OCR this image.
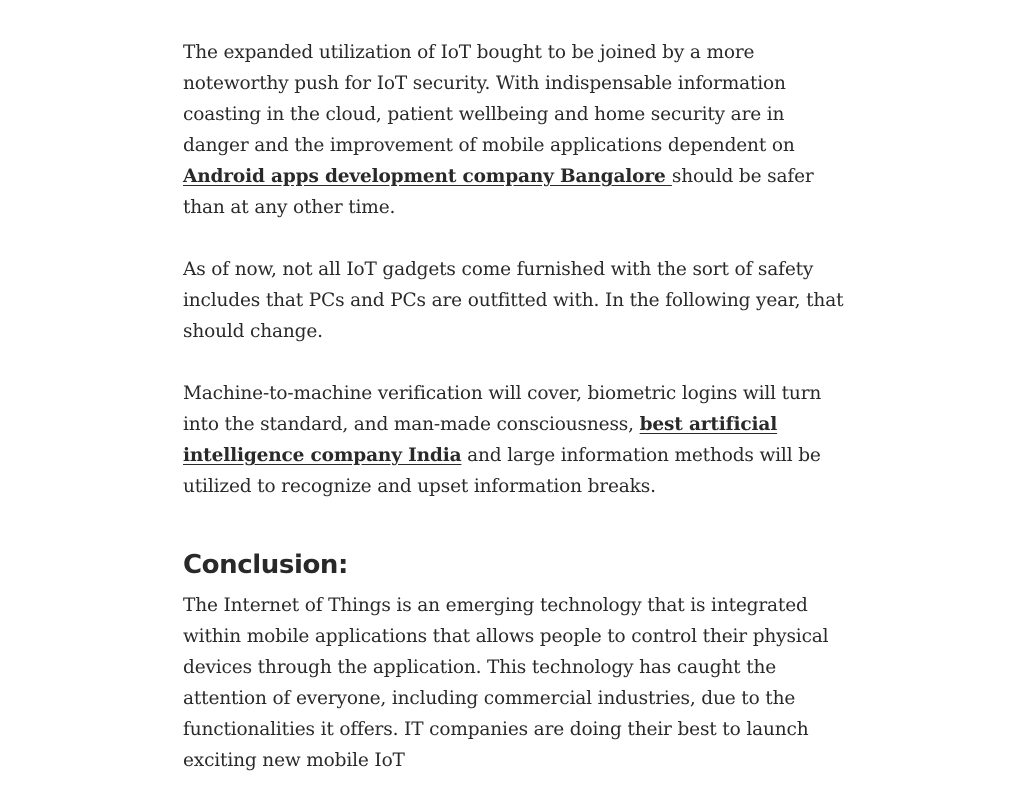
The expanded utilization of IoT bought to be joined by a more noteworthy push for IoT security. With indispensable information coasting in the cloud, patient wellbeing and home security are in danger and the improvement of mobile applications dependent on Android apps development company Bangalore should be safer than at any other time.

As of now, not all IoT gadgets come furnished with the sort of safety includes that PCs and PCs are outfitted with. In the following year, that should change.

Machine-to-machine verification will cover, biometric logins will turn into the standard, and man-made consciousness, best artificial intelligence company India and large information methods will be utilized to recognize and upset information breaks.

Conclusion:

The Internet of Things is an emerging technology that is integrated within mobile applications that allows people to control their physical devices through the application. This technology has caught the attention of everyone, including commercial industries, due to the functionalities it offers. IT companies are doing their best to launch exciting new mobile IoT
